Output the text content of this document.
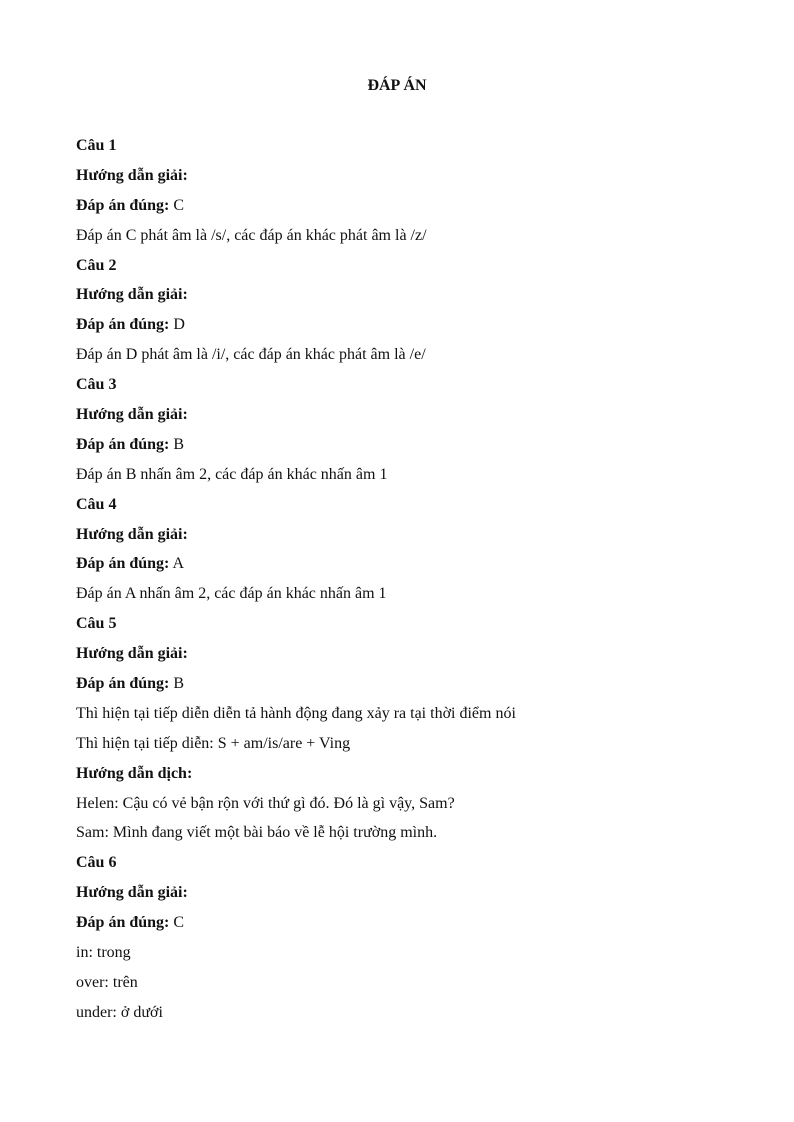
ĐÁP ÁN
Câu 1
Hướng dẫn giải:
Đáp án đúng: C
Đáp án C phát âm là /s/, các đáp án khác phát âm là /z/
Câu 2
Hướng dẫn giải:
Đáp án đúng: D
Đáp án D phát âm là /i/, các đáp án khác phát âm là /e/
Câu 3
Hướng dẫn giải:
Đáp án đúng: B
Đáp án B nhấn âm 2, các đáp án khác nhấn âm 1
Câu 4
Hướng dẫn giải:
Đáp án đúng: A
Đáp án A nhấn âm 2, các đáp án khác nhấn âm 1
Câu 5
Hướng dẫn giải:
Đáp án đúng: B
Thì hiện tại tiếp diễn diễn tả hành động đang xảy ra tại thời điểm nói
Thì hiện tại tiếp diễn: S + am/is/are + Ving
Hướng dẫn dịch:
Helen: Cậu có vẻ bận rộn với thứ gì đó. Đó là gì vậy, Sam?
Sam: Mình đang viết một bài báo về lễ hội trường mình.
Câu 6
Hướng dẫn giải:
Đáp án đúng: C
in: trong
over: trên
under: ở dưới
